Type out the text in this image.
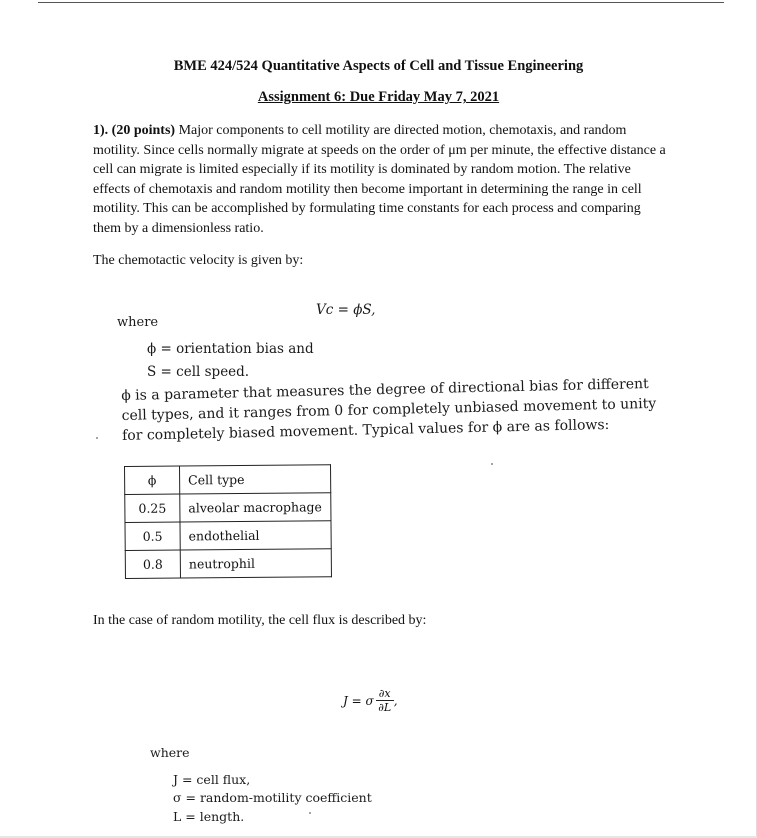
BME 424/524 Quantitative Aspects of Cell and Tissue Engineering
Assignment 6: Due Friday May 7, 2021
1). (20 points) Major components to cell motility are directed motion, chemotaxis, and random motility. Since cells normally migrate at speeds on the order of μm per minute, the effective distance a cell can migrate is limited especially if its motility is dominated by random motion. The relative effects of chemotaxis and random motility then become important in determining the range in cell motility. This can be accomplished by formulating time constants for each process and comparing them by a dimensionless ratio.
The chemotactic velocity is given by:
Vc = ϕS,
where
ϕ = orientation bias and
S = cell speed.
ϕ is a parameter that measures the degree of directional bias for different cell types, and it ranges from 0 for completely unbiased movement to unity for completely biased movement. Typical values for ϕ are as follows:
ϕ	Cell type
0.25	alveolar macrophage
0.5	endothelial
0.8	neutrophil
In the case of random motility, the cell flux is described by:
J = σ $\frac{\partial x}{\partial L}$ ,
where
J = cell flux,
σ = random-motility coefficient
L = length.
